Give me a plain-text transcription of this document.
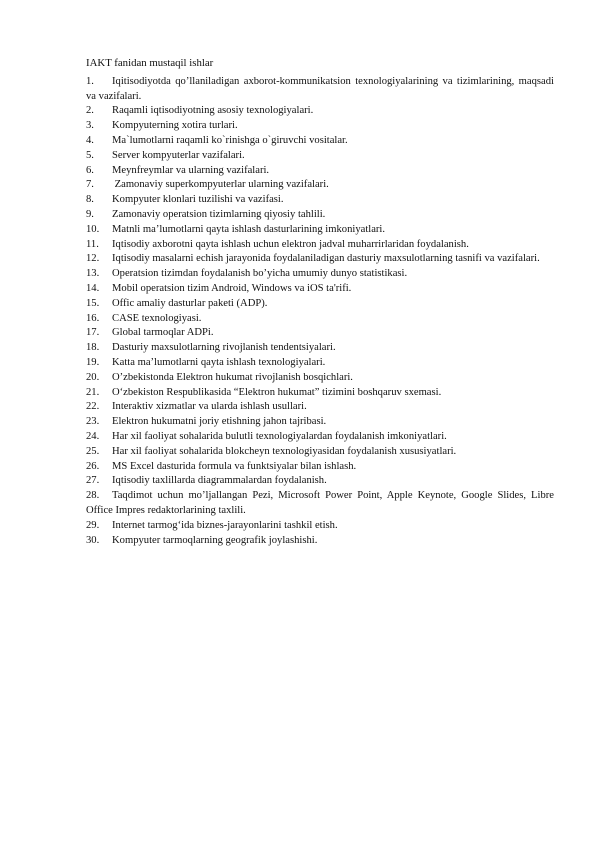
IAKT fanidan mustaqil ishlar
1. Iqitisodiyotda qo’llaniladigan axborot-kommunikatsion texnologiyalarining va tizimlarining, maqsadi va vazifalari.
2. Raqamli iqtisodiyotning asosiy texnologiyalari.
3. Kompyuterning xotira turlari.
4. Ma`lumotlarni raqamli ko`rinishga o`giruvchi vositalar.
5. Server kompyuterlar vazifalari.
6. Meynfreymlar va ularning vazifalari.
7. Zamonaviy superkompyuterlar ularning vazifalari.
8. Kompyuter klonlari tuzilishi va vazifasi.
9. Zamonaviy operatsion tizimlarning qiyosiy tahlili.
10. Matnli ma’lumotlarni qayta ishlash dasturlarining imkoniyatlari.
11. Iqtisodiy axborotni qayta ishlash uchun elektron jadval muharrirlaridan foydalanish.
12. Iqtisodiy masalarni echish jarayonida foydalaniladigan dasturiy maxsulotlarning tasnifi va vazifalari.
13. Operatsion tizimdan foydalanish bo’yicha umumiy dunyo statistikasi.
14. Mobil operatsion tizim Android, Windows va iOS ta'rifi.
15. Offic amaliy dasturlar paketi (ADP).
16. CASE texnologiyasi.
17. Global tarmoqlar ADPi.
18. Dasturiy maxsulotlarning rivojlanish tendentsiyalari.
19. Katta ma’lumotlarni qayta ishlash texnologiyalari.
20. O’zbekistonda Elektron hukumat rivojlanish bosqichlari.
21. O‘zbekiston Respublikasida “Elektron hukumat” tizimini boshqaruv sxemasi.
22. Interaktiv xizmatlar va ularda ishlash usullari.
23. Elektron hukumatni joriy etishning jahon tajribasi.
24. Har xil faoliyat sohalarida bulutli texnologiyalardan foydalanish imkoniyatlari.
25. Har xil faoliyat sohalarida blokcheyn texnologiyasidan foydalanish xususiyatlari.
26. MS Excel dasturida formula va funktsiyalar bilan ishlash.
27. Iqtisodiy taxlillarda diagrammalardan foydalanish.
28. Taqdimot uchun mo’ljallangan Pezi, Microsoft Power Point, Apple Keynote, Google Slides, Libre Office Impres redaktorlarining taxlili.
29. Internet tarmog‘ida biznes-jarayonlarini tashkil etish.
30. Kompyuter tarmoqlarning geografik joylashishi.
